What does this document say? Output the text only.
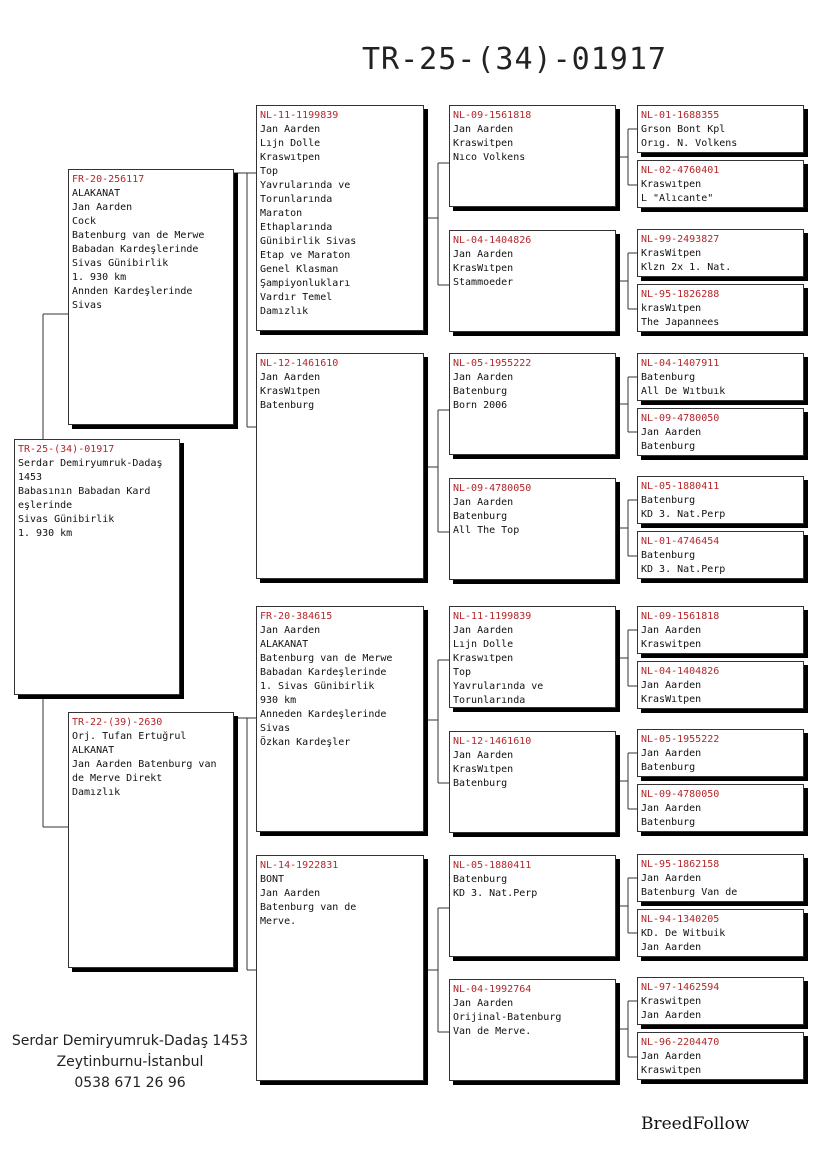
TR-25-(34)-01917
TR-25-(34)-01917
Serdar Demiryumruk-Dadaş 1453
Babasının Babadan Kard eşlerinde
Sivas Günibirlik
1. 930 km
FR-20-256117
ALAKANAT
Jan Aarden
Cock
Batenburg van de Merwe
Babadan Kardeşlerinde
Sivas Günibirlik
1. 930 km
Annden Kardeşlerinde
Sivas
TR-22-(39)-2630
Orj. Tufan Ertuğrul
ALKANAT
Jan Aarden Batenburg van de Merve Direkt
Damızlık
NL-11-1199839
Jan Aarden
Lıjn Dolle
Kraswıtpen
Top
Yavrularında ve
Torunlarında
Maraton
Ethaplarında
Günibirlik Sivas
Etap ve Maraton
Genel Klasman
Şampiyonlukları
Vardır Temel
Damızlık
NL-12-1461610
Jan Aarden
KrasWıtpen
Batenburg
FR-20-384615
Jan Aarden
ALAKANAT
Batenburg van de Merwe
Babadan Kardeşlerinde
1. Sivas Günibirlik
930 km
Anneden Kardeşlerinde
Sivas
Özkan Kardeşler
NL-14-1922831
BONT
Jan Aarden
Batenburg van de
Merve.
NL-09-1561818
Jan Aarden
Kraswitpen
Nıco Volkens
NL-04-1404826
Jan Aarden
KrasWıtpen
Stammoeder
NL-05-1955222
Jan Aarden
Batenburg
Born 2006
NL-09-4780050
Jan Aarden
Batenburg
All The Top
NL-11-1199839
Jan Aarden
Lıjn Dolle
Kraswıtpen
Top
Yavrularında ve
Torunlarında
NL-12-1461610
Jan Aarden
KrasWıtpen
Batenburg
NL-05-1880411
Batenburg
KD 3. Nat.Perp
NL-04-1992764
Jan Aarden
Orijinal-Batenburg
Van de Merve.
NL-01-1688355
Grson Bont Kpl
Orıg. N. Volkens
NL-02-4760401
Kraswıtpen
L "Alıcante"
NL-99-2493827
KrasWitpen
Klzn 2x 1. Nat.
NL-95-1826288
krasWıtpen
The Japannees
NL-04-1407911
Batenburg
All De Wıtbuık
NL-09-4780050
Jan Aarden
Batenburg
NL-05-1880411
Batenburg
KD 3. Nat.Perp
NL-01-4746454
Batenburg
KD 3. Nat.Perp
NL-09-1561818
Jan Aarden
Kraswitpen
NL-04-1404826
Jan Aarden
KrasWıtpen
NL-05-1955222
Jan Aarden
Batenburg
NL-09-4780050
Jan Aarden
Batenburg
NL-95-1862158
Jan Aarden
Batenburg Van de
NL-94-1340205
KD. De Witbuik
Jan Aarden
NL-97-1462594
Kraswitpen
Jan Aarden
NL-96-2204470
Jan Aarden
Kraswitpen
Serdar Demiryumruk-Dadaş 1453
Zeytinburnu-İstanbul
0538 671 26 96
BreedFollow
